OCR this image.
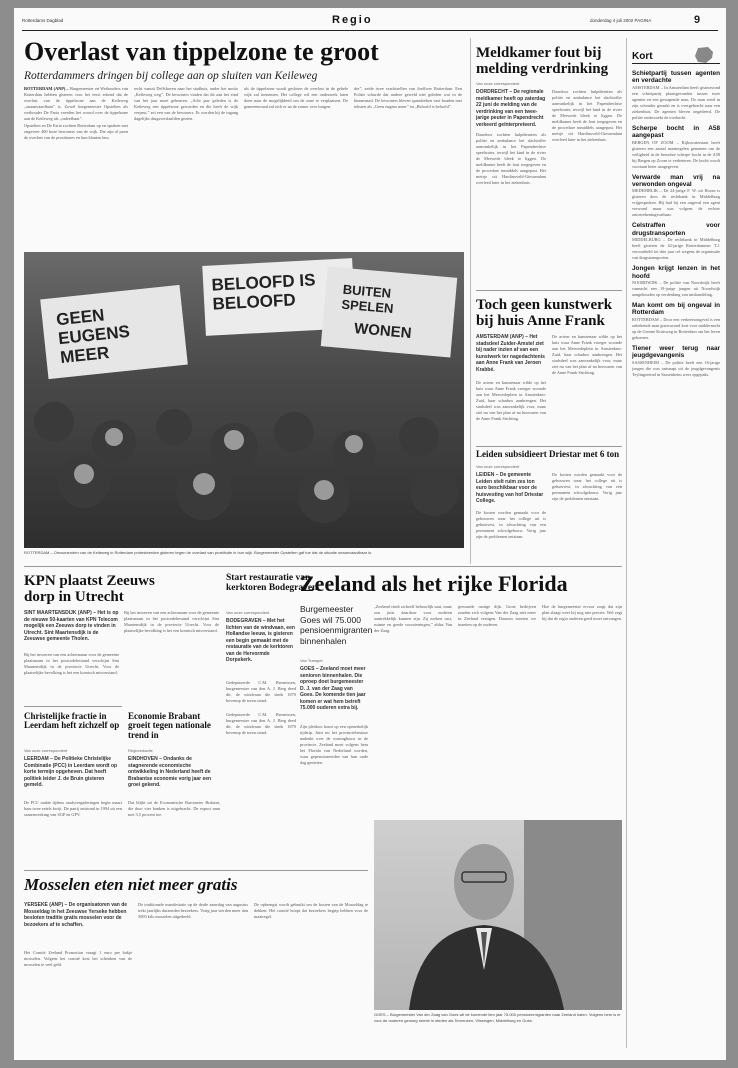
Rotterdams Dagblad	Regio	donderdag 4 juli 2002 PAGINA	9
Overlast van tippelzone te groot
Rotterdammers dringen bij college aan op sluiten van Keileweg

ROTTERDAM (ANP) – Burgemeester en Wethouders van Rotterdam hebben gisteren voor het eerst erkend dat de overlast van de tippelzone aan de Keileweg „onaanvaardbaar” is. Zowel burgemeester Opstelten als wethouder De Faria voerden het woord over de tippelzone aan de Keileweg als „onleefbaar”.

Opstelten en De Faria zochten Rotterdam op en spraken met ongeveer 400 boze bewoners van de wijk. Die zijn al jaren de overlast van de prostituees en hun klanten beu.

recht vanuit Delfshaven naar het stadhuis, onder het motto „Keileweg weg”. De bewoners vinden dat dit aan het eind van het jaar moet gebeuren. „Acht jaar geleden is de Keileweg een tippelzone geworden en die heeft de wijk verpest,” zei een van de bewoners. Er worden bij de ingang dagelijks drugsverslaafden gezien.

als de tippelzone wordt gesloten de overlast in de gehele wijk zal toenemen. Het college wil een onderzoek laten doen naar de mogelijkheid om de zone te verplaatsen. De gemeenteraad zal zich er na de zomer over buigen.

der”, zeide twee vrachtsellen van Joeffwer Rotterdam. Een Politie schurde dat andere geweld niet geleden wat in de binnenstad. De bewoners bleven spandoeken vast houden met teksten als „Geen eugens meer” en „Beloofd is beloofd”.

BELOOFD IS BELOOFD	BUITEN SPELEN
GEEN EUGENS MEER
WONEN
ROTTERDAM – Omwonenden van de Keileweg in Rotterdam protesteerden gisteren tegen de overlast van prostitutie in hun wijk. Burgemeester Opstelten gaf toe dat de situatie onaanvaardbaar is.
Meldkamer fout bij melding verdrinking
Van onze correspondent
DORDRECHT – De regionale meldkamer heeft op zaterdag 22 juni de melding van de verdrinking van een twee-jarige peuter in Papendrecht verkeerd geïnterpreteerd.
Daardoor zochten hulpdiensten als politie en ambulance het slachtoffer aanvankelijk in het Papendrechtse speelwater, terwijl het kind in de rivier de Merwede bleek te liggen. De meldkamer heeft de fout toegegeven en de procedure inmiddels aangepast. Het meisje uit Hardinxveld-Giessendam overleed later in het ziekenhuis.
Daardoor zochten hulpdiensten als politie en ambulance het slachtoffer aanvankelijk in het Papendrechtse speelwater, terwijl het kind in de rivier de Merwede bleek te liggen. De meldkamer heeft de fout toegegeven en de procedure inmiddels aangepast. Het meisje uit Hardinxveld-Giessendam overleed later in het ziekenhuis.
Toch geen kunstwerk bij huis Anne Frank
AMSTERDAM (ANP) – Het stadsdeel Zuider-Amstel ziet bij nader inzien af van een kunstwerk ter nagedachtenis aan Anne Frank van Jeroen Krabbé.
De acteur en kunstenaar wilde op het huis waar Anne Frank vroeger woonde aan het Merwedeplein in Amsterdam-Zuid, haar schaduw aanbrengen. Het stadsdeel was aanvankelijk voor, maar ziet nu van het plan af na bezwaren van de Anne Frank Stichting.
De acteur en kunstenaar wilde op het huis waar Anne Frank vroeger woonde aan het Merwedeplein in Amsterdam-Zuid, haar schaduw aanbrengen. Het stadsdeel was aanvankelijk voor, maar ziet nu van het plan af na bezwaren van de Anne Frank Stichting.
Leiden subsidieert Driestar met 6 ton
Van onze correspondent
LEIDEN – De gemeente Leiden stelt ruim zes ton euro beschikbaar voor de huisvesting van hof Driestar College.
De kosten worden gemaakt voor de gebouwen waar het college uit is gehuisvest, in afwachting van een permanent schoolgebouw. Vorig jaar zijn de problemen ontstaan.
De kosten worden gemaakt voor de gebouwen waar het college uit is gehuisvest, in afwachting van een permanent schoolgebouw. Vorig jaar zijn de problemen ontstaan.
Kort
Schietpartij tussen agenten en verdachte

AMSTERDAM – In Amsterdam heeft gisteravond een schietpartij plaatsgevonden tussen twee agenten en een gewapende man. De man werd in zijn schouder geraakt en is overgebracht naar een ziekenhuis. De agenten bleven ongedeerd. De politie onderzoekt de toedracht.

Scherpe bocht in A58 aangepast

BERGEN OP ZOOM – Rijkswaterstaat heeft gisteren een aantal maatregelen genomen om de veiligheid in de beruchte scherpe bocht in de A58 bij Bergen op Zoom te verbeteren. De bocht wordt voortaan beter aangegeven.

Verwarde man vrij na verwonden ongeval

MEDEMBLIK – De 24-jarige F. W. uit Hoorn is gisteren door de rechtbank in Middelburg vrijgesproken. Hij had bij een ongeval een agent verwond maar was volgens de rechter ontoerekeningsvatbaar.

Celstraffen voor drugstransporten

MIDDELBURG – De rechtbank in Middelburg heeft gisteren de 42-jarige Rotterdammer T.J. veroordeeld tot drie jaar cel wegens de organisatie van drugstransporten.

Jongen krijgt lenzen in het hoofd

NOORDWIJK – De politie van Noordwijk heeft vannacht een 19-jarige jongen uit Noordwijk aangehouden op verdenking van mishandeling.

Man komt om bij ongeval in Rotterdam

ROTTERDAM – Door een verkeersongeval is een onbekende man gisteravond kort voor middernacht op de Groene Kruisweg in Rotterdam om het leven gekomen.

Tiener weer terug naar jeugdgevangenis

SASSENHEIM – De politie heeft een 16-jarige jongen die was ontsnapt uit de jeugdgevangenis Teylingereind in Sassenheim weer opgepakt.

KPN plaatst Zeeuws dorp in Utrecht
SINT MAARTENSDIJK (ANP) – Het is op de nieuwe 50-kaarten van KPN Telecom mogelijk een Zeeuws dorp te vinden in Utrecht. Sint Maartensdijk is de Zeeuwse gemeente Tholen.
Bij het invoeren van een achternaam voor de gemeente plaatsnaam in het postcodebestand verschijnt Sint Maartensdijk in de provincie Utrecht. Voor de plaatselijke bevolking is het een komisch misverstand.
Bij het invoeren van een achternaam voor de gemeente plaatsnaam in het postcodebestand verschijnt Sint Maartensdijk in de provincie Utrecht. Voor de plaatselijke bevolking is het een komisch misverstand.
Start restauratie van kerktoren Bodegraven
Van onze correspondent
BODEGRAVEN – Met het lichten van de windvaan, een Hollandse leeuw, is gisteren een begin gemaakt met de restauratie van de kerktoren van de Hervormde Dorpskerk.
Gedeputeerde C.M. Breunissen, burgemeester van den A. J. Berg deed dit, de windvaan die sinds 1870 bovenop de toren stond.
Zeeland als het rijke Florida
Burgemeester Goes wil 75.000 pensioenmigranten binnenhalen
Van Trampet
GOES – Zeeland moet meer senioren binnenhalen. Die oproep doet burgemeester D. J. van der Zaag van Goes. De komende tien jaar komen er wat hem betreft 75.000 ouderen extra bij.
Zijn pleidooi komt op een opmerkelijk tijdstip. Juist nu het provinciebestuur nadenkt over de woningbouw in de provincie. Zeeland moet volgens hem het Florida van Nederland worden, waar gepensioneerden van hun oude dag genieten.
„Zeeland vindt zichzelf behoorlijk saai, maar zou juist daardoor voor ouderen aantrekkelijk kunnen zijn. Zij zoeken rust, ruimte en goede voorzieningen,” aldus Van der Zaag.
gewaarde rustige dijk. Grote bedrijven zouden zich volgens Van der Zaag niet meer in Zeeland vestigen. Daarom moeten we inzetten op de ouderen.
Hoe de burgemeester ervoor zorgt dat zijn plan slaagt weet hij nog niet precies. Wel zegt hij dat de regio ouderen goed moet ontvangen.
Christelijke fractie in Leerdam heft zichzelf op
Van onze correspondent
LEERDAM – De Politieke Christelijke Combinatie (PCC) in Leerdam wordt op korte termijn opgeheven. Dat heeft politiek leider J. de Bruin gisteren gemeld.
De PCC raakte tijdens raadsvergaderingen begin maart haar twee zetels kwijt. De partij ontstond in 1994 uit een samenwerking van SGP en GPV.
Economie Brabant groeit tegen nationale trend in
Regioredactie
EINDHOVEN – Ondanks de stagnerende economische ontwikkeling in Nederland heeft de Brabantse economie vorig jaar een groei gekend.
Dat blijkt uit de Economische Barometer Brabant, die door vier banken is uitgebracht. De export nam met 3,5 procent toe.
Gedeputeerde C.M. Breunissen, burgemeester van den A. J. Berg deed dit, de windvaan die sinds 1870 bovenop de toren stond.
GOES – Burgemeester Van der Zaag van Goes wil de komende tien jaar 75.000 pensioenmigranten naar Zeeland halen. Volgens hem is er voor de ouderen genoeg ruimte in steden als Terneuzen, Vlissingen, Middelburg en Goes.
Mosselen eten niet meer gratis
YERSEKE (ANP) – De organisatoren van de Mosseldag in het Zeeuwse Yerseke hebben besloten traditie gratis mosselen voor de bezoekers af te schaffen.
Het Comité Zeeland Promotion vraagt 1 euro per bakje mosselen. Volgens het comité kost het schenken van de mosselen te veel geld.
De traditionele manifestatie op de derde zaterdag van augustus trekt jaarlijks duizenden bezoekers. Vorig jaar werden meer dan 5000 kilo mosselen uitgedeeld.
De opbrengst wordt gebruikt om de kosten van de Mosseldag te dekken. Het comité hoopt dat bezoekers begrip hebben voor de maatregel.
